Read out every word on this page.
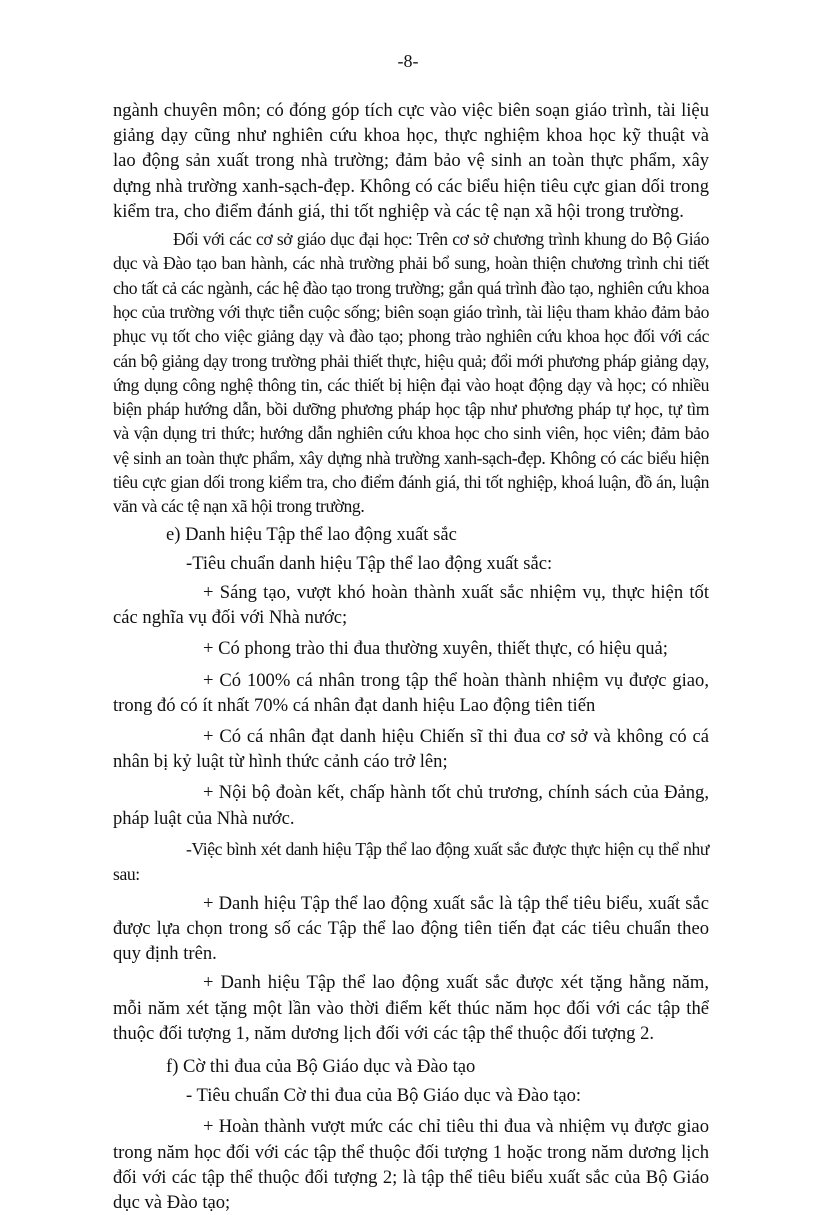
-8-

ngành chuyên môn; có đóng góp tích cực vào việc biên soạn giáo trình, tài liệu giảng dạy cũng như nghiên cứu khoa học, thực nghiệm khoa học kỹ thuật và lao động sản xuất trong nhà trường; đảm bảo vệ sinh an toàn thực phẩm, xây dựng nhà trường xanh-sạch-đẹp. Không có các biểu hiện tiêu cực gian dối trong kiểm tra, cho điểm đánh giá, thi tốt nghiệp và các tệ nạn xã hội trong trường.

Đối với các cơ sở giáo dục đại học: Trên cơ sở chương trình khung do Bộ Giáo dục và Đào tạo ban hành, các nhà trường phải bổ sung, hoàn thiện chương trình chi tiết cho tất cả các ngành, các hệ đào tạo trong trường; gắn quá trình đào tạo, nghiên cứu khoa học của trường với thực tiễn cuộc sống; biên soạn giáo trình, tài liệu tham khảo đảm bảo phục vụ tốt cho việc giảng dạy và đào tạo; phong trào nghiên cứu khoa học đối với các cán bộ giảng dạy trong trường phải thiết thực, hiệu quả; đổi mới phương pháp giảng dạy, ứng dụng công nghệ thông tin, các thiết bị hiện đại vào hoạt động dạy và học; có nhiều biện pháp hướng dẫn, bồi dưỡng phương pháp học tập như phương pháp tự học, tự tìm và vận dụng tri thức; hướng dẫn nghiên cứu khoa học cho sinh viên, học viên; đảm bảo vệ sinh an toàn thực phẩm, xây dựng nhà trường xanh-sạch-đẹp. Không có các biểu hiện tiêu cực gian dối trong kiểm tra, cho điểm đánh giá, thi tốt nghiệp, khoá luận, đồ án, luận văn và các tệ nạn xã hội trong trường.

e) Danh hiệu Tập thể lao động xuất sắc

-Tiêu chuẩn danh hiệu Tập thể lao động xuất sắc:

+ Sáng tạo, vượt khó hoàn thành xuất sắc nhiệm vụ, thực hiện tốt các nghĩa vụ đối với Nhà nước;

+ Có phong trào thi đua thường xuyên, thiết thực, có hiệu quả;

+ Có 100% cá nhân trong tập thể hoàn thành nhiệm vụ được giao, trong đó có ít nhất 70% cá nhân đạt danh hiệu Lao động tiên tiến

+ Có cá nhân đạt danh hiệu Chiến sĩ thi đua cơ sở và không có cá nhân bị kỷ luật từ hình thức cảnh cáo trở lên;

+ Nội bộ đoàn kết, chấp hành tốt chủ trương, chính sách của Đảng, pháp luật của Nhà nước.

-Việc bình xét danh hiệu Tập thể lao động xuất sắc được thực hiện cụ thể như sau:

+ Danh hiệu Tập thể lao động xuất sắc là tập thể tiêu biểu, xuất sắc được lựa chọn trong số các Tập thể lao động tiên tiến đạt các tiêu chuẩn theo quy định trên.

+ Danh hiệu Tập thể lao động xuất sắc được xét tặng hằng năm, mỗi năm xét tặng một lần vào thời điểm kết thúc năm học đối với các tập thể thuộc đối tượng 1, năm dương lịch đối với các tập thể thuộc đối tượng 2.

f) Cờ thi đua của Bộ Giáo dục và Đào tạo

- Tiêu chuẩn Cờ thi đua của Bộ Giáo dục và Đào tạo:

+ Hoàn thành vượt mức các chỉ tiêu thi đua và nhiệm vụ được giao trong năm học đối với các tập thể thuộc đối tượng 1 hoặc trong năm dương lịch đối với các tập thể thuộc đối tượng 2; là tập thể tiêu biểu xuất sắc của Bộ Giáo dục và Đào tạo;
